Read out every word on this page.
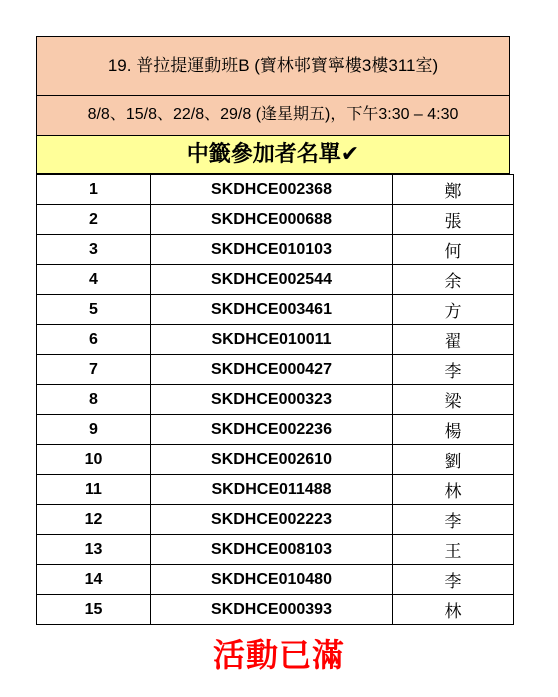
19. 普拉提運動班B (寶林邨寶寧樓3樓311室)
8/8、15/8、22/8、29/8 (逢星期五)，下午3:30 – 4:30
中籤參加者名單✔
1	SKDHCE002368	鄭
2	SKDHCE000688	張
3	SKDHCE010103	何
4	SKDHCE002544	余
5	SKDHCE003461	方
6	SKDHCE010011	翟
7	SKDHCE000427	李
8	SKDHCE000323	梁
9	SKDHCE002236	楊
10	SKDHCE002610	劉
11	SKDHCE011488	林
12	SKDHCE002223	李
13	SKDHCE008103	王
14	SKDHCE010480	李
15	SKDHCE000393	林
活動已滿
